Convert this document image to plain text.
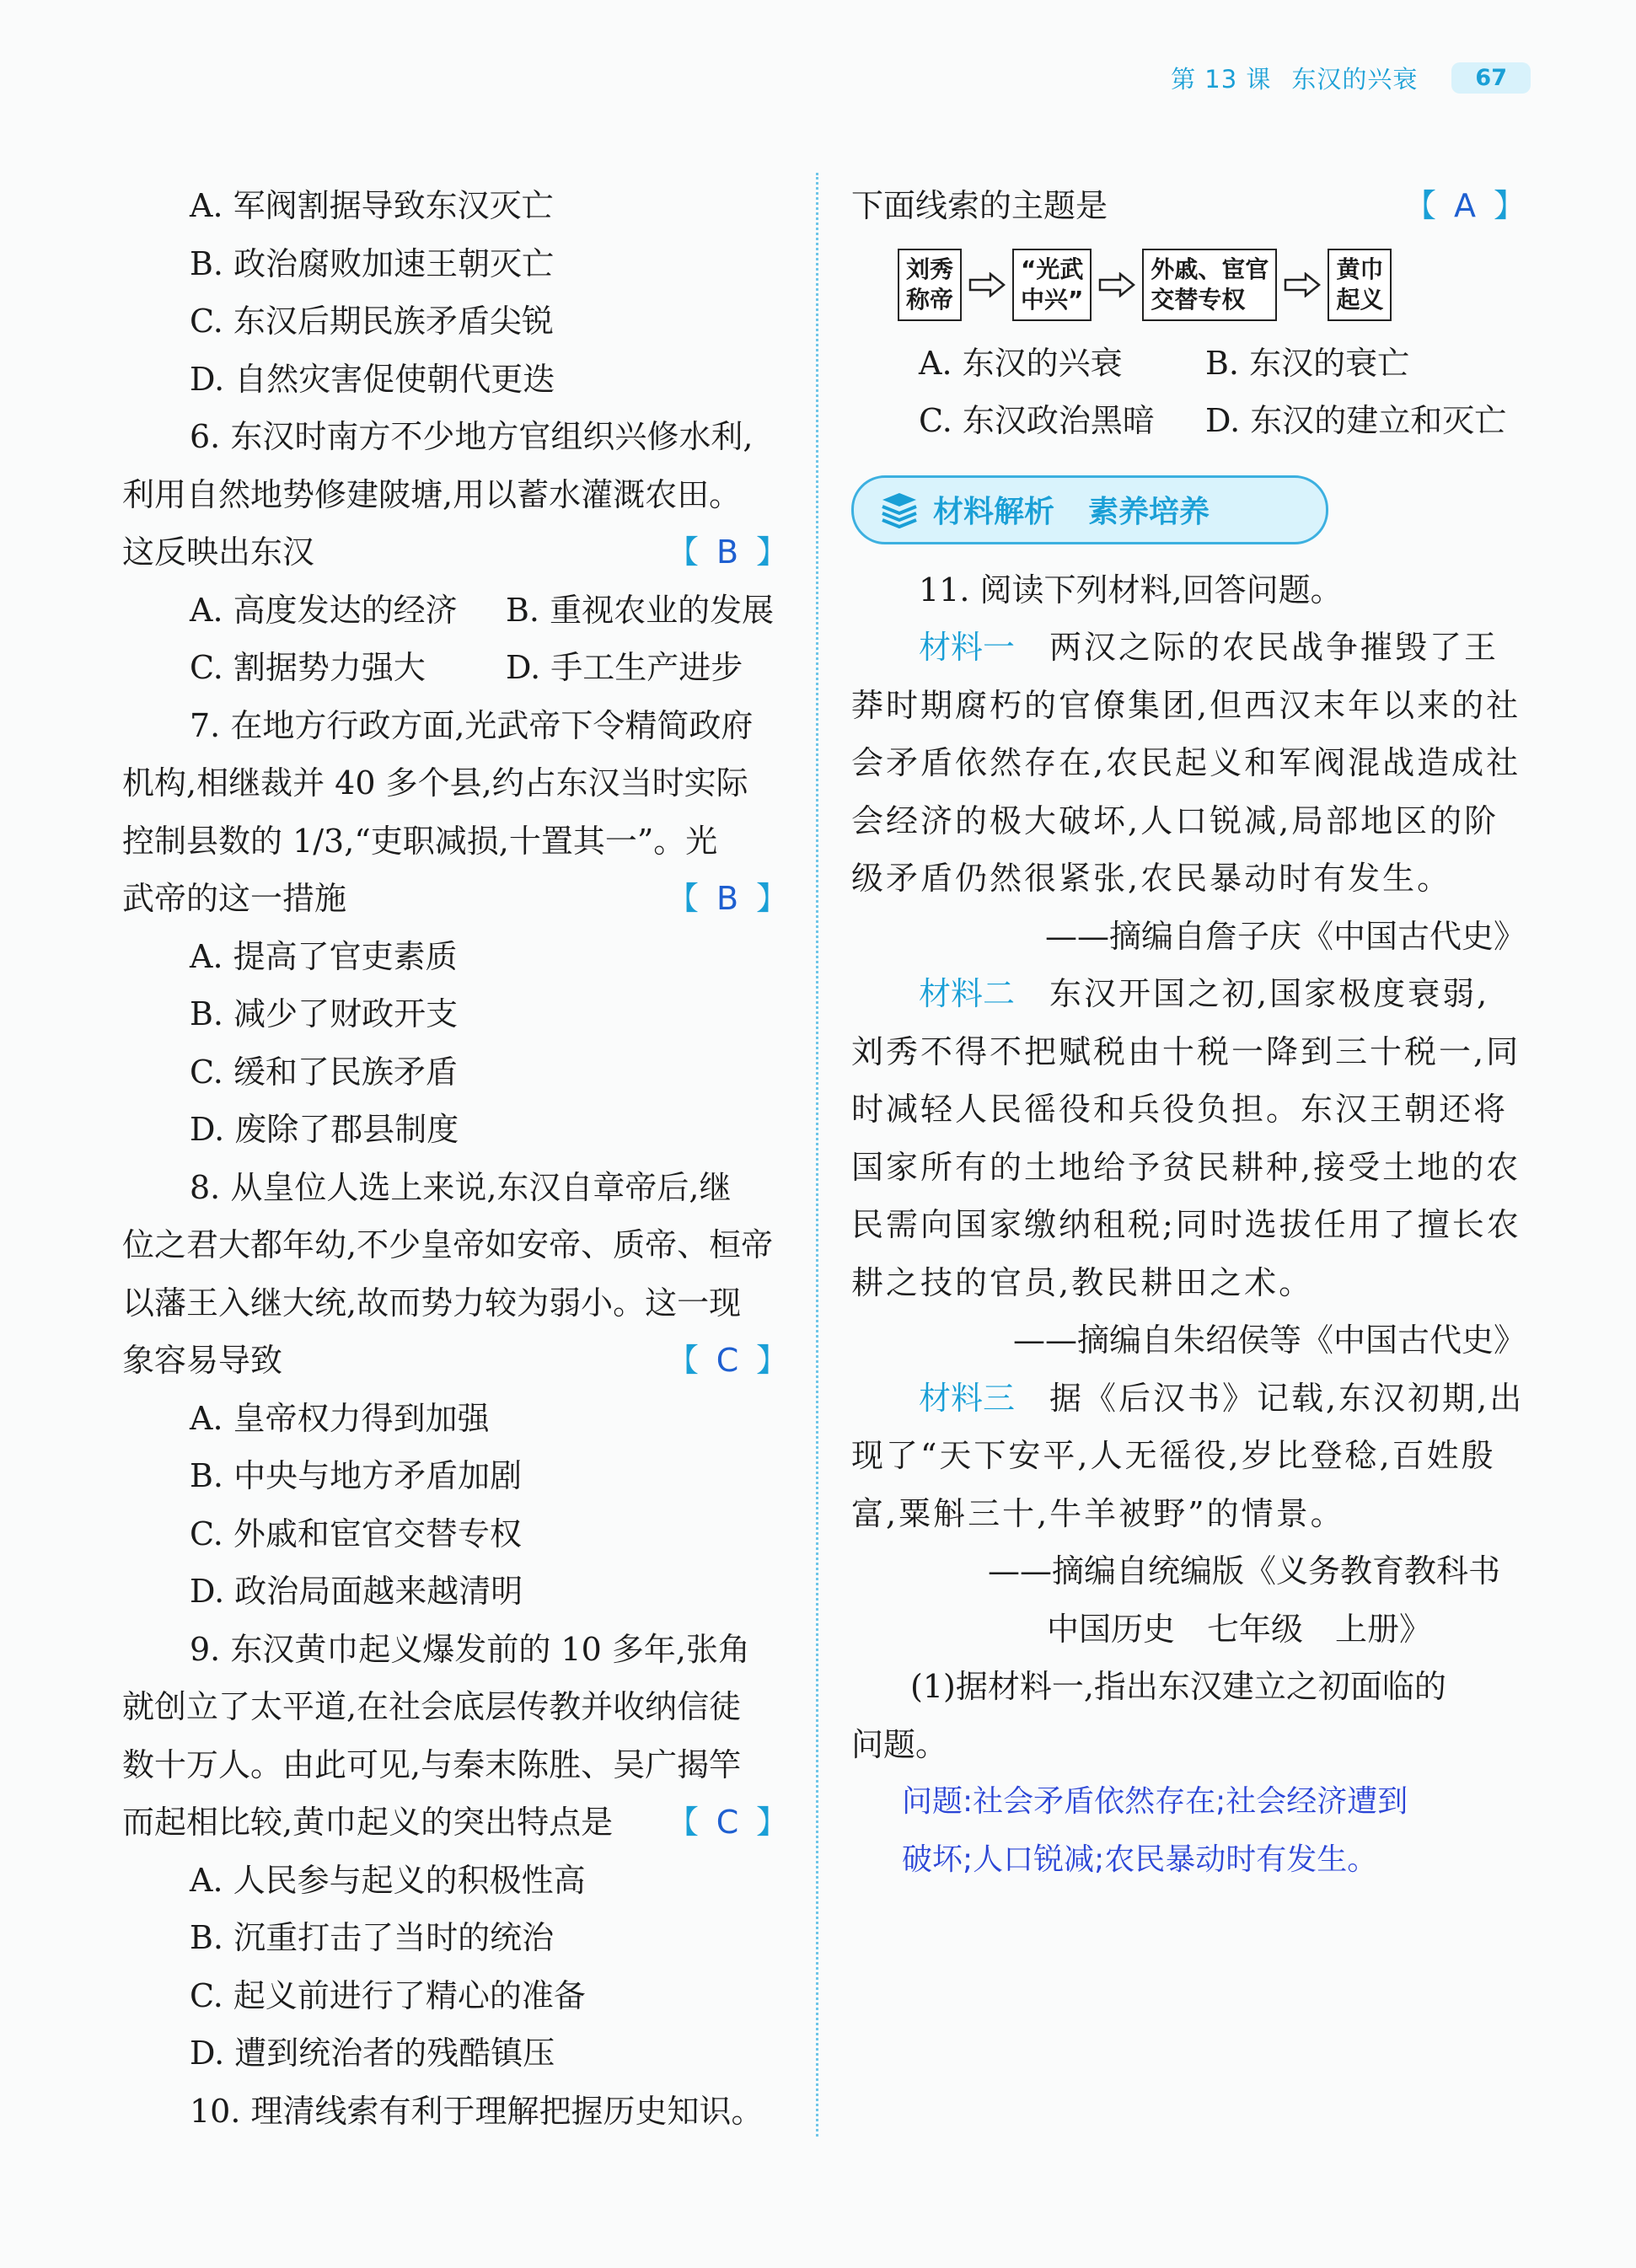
第 13 课 东汉的兴衰	67
A. 军阀割据导致东汉灭亡
B. 政治腐败加速王朝灭亡
C. 东汉后期民族矛盾尖锐
D. 自然灾害促使朝代更迭
6. 东汉时南方不少地方官组织兴修水利,
利用自然地势修建陂塘,用以蓄水灌溉农田。
这反映出东汉	【 B 】
A. 高度发达的经济	B. 重视农业的发展
C. 割据势力强大	D. 手工生产进步
7. 在地方行政方面,光武帝下令精简政府
机构,相继裁并 40 多个县,约占东汉当时实际
控制县数的 1/3,“吏职减损,十置其一”。光
武帝的这一措施	【 B 】
A. 提高了官吏素质
B. 减少了财政开支
C. 缓和了民族矛盾
D. 废除了郡县制度
8. 从皇位人选上来说,东汉自章帝后,继
位之君大都年幼,不少皇帝如安帝、质帝、桓帝
以藩王入继大统,故而势力较为弱小。这一现
象容易导致	【 C 】
A. 皇帝权力得到加强
B. 中央与地方矛盾加剧
C. 外戚和宦官交替专权
D. 政治局面越来越清明
9. 东汉黄巾起义爆发前的 10 多年,张角
就创立了太平道,在社会底层传教并收纳信徒
数十万人。由此可见,与秦末陈胜、吴广揭竿
而起相比较,黄巾起义的突出特点是 【 C 】
A. 人民参与起义的积极性高
B. 沉重打击了当时的统治
C. 起义前进行了精心的准备
D. 遭到统治者的残酷镇压
10. 理清线索有利于理解把握历史知识。
下面线索的主题是	【 A 】
刘秀
称帝
“光武
中兴”
外戚、宦官
交替专权
黄巾
起义
A. 东汉的兴衰	B. 东汉的衰亡
C. 东汉政治黑暗	D. 东汉的建立和灭亡
材料解析 素养培养
11. 阅读下列材料,回答问题。
材料一　 两汉之际的农民战争摧毁了王
莽时期腐朽的官僚集团,但西汉末年以来的社
会矛盾依然存在,农民起义和军阀混战造成社
会经济的极大破坏,人口锐减,局部地区的阶
级矛盾仍然很紧张,农民暴动时有发生。
——摘编自詹子庆《中国古代史》
材料二　 东汉开国之初,国家极度衰弱,
刘秀不得不把赋税由十税一降到三十税一,同
时减轻人民徭役和兵役负担。东汉王朝还将
国家所有的土地给予贫民耕种,接受土地的农
民需向国家缴纳租税;同时选拔任用了擅长农
耕之技的官员,教民耕田之术。
——摘编自朱绍侯等《中国古代史》
材料三　 据《后汉书》记载,东汉初期,出
现了“天下安平,人无徭役,岁比登稔,百姓殷
富,粟斛三十,牛羊被野”的情景。
——摘编自统编版《义务教育教科书
中国历史　七年级　上册》
(1)据材料一,指出东汉建立之初面临的
问题。
问题:社会矛盾依然存在;社会经济遭到
破坏;人口锐减;农民暴动时有发生。
